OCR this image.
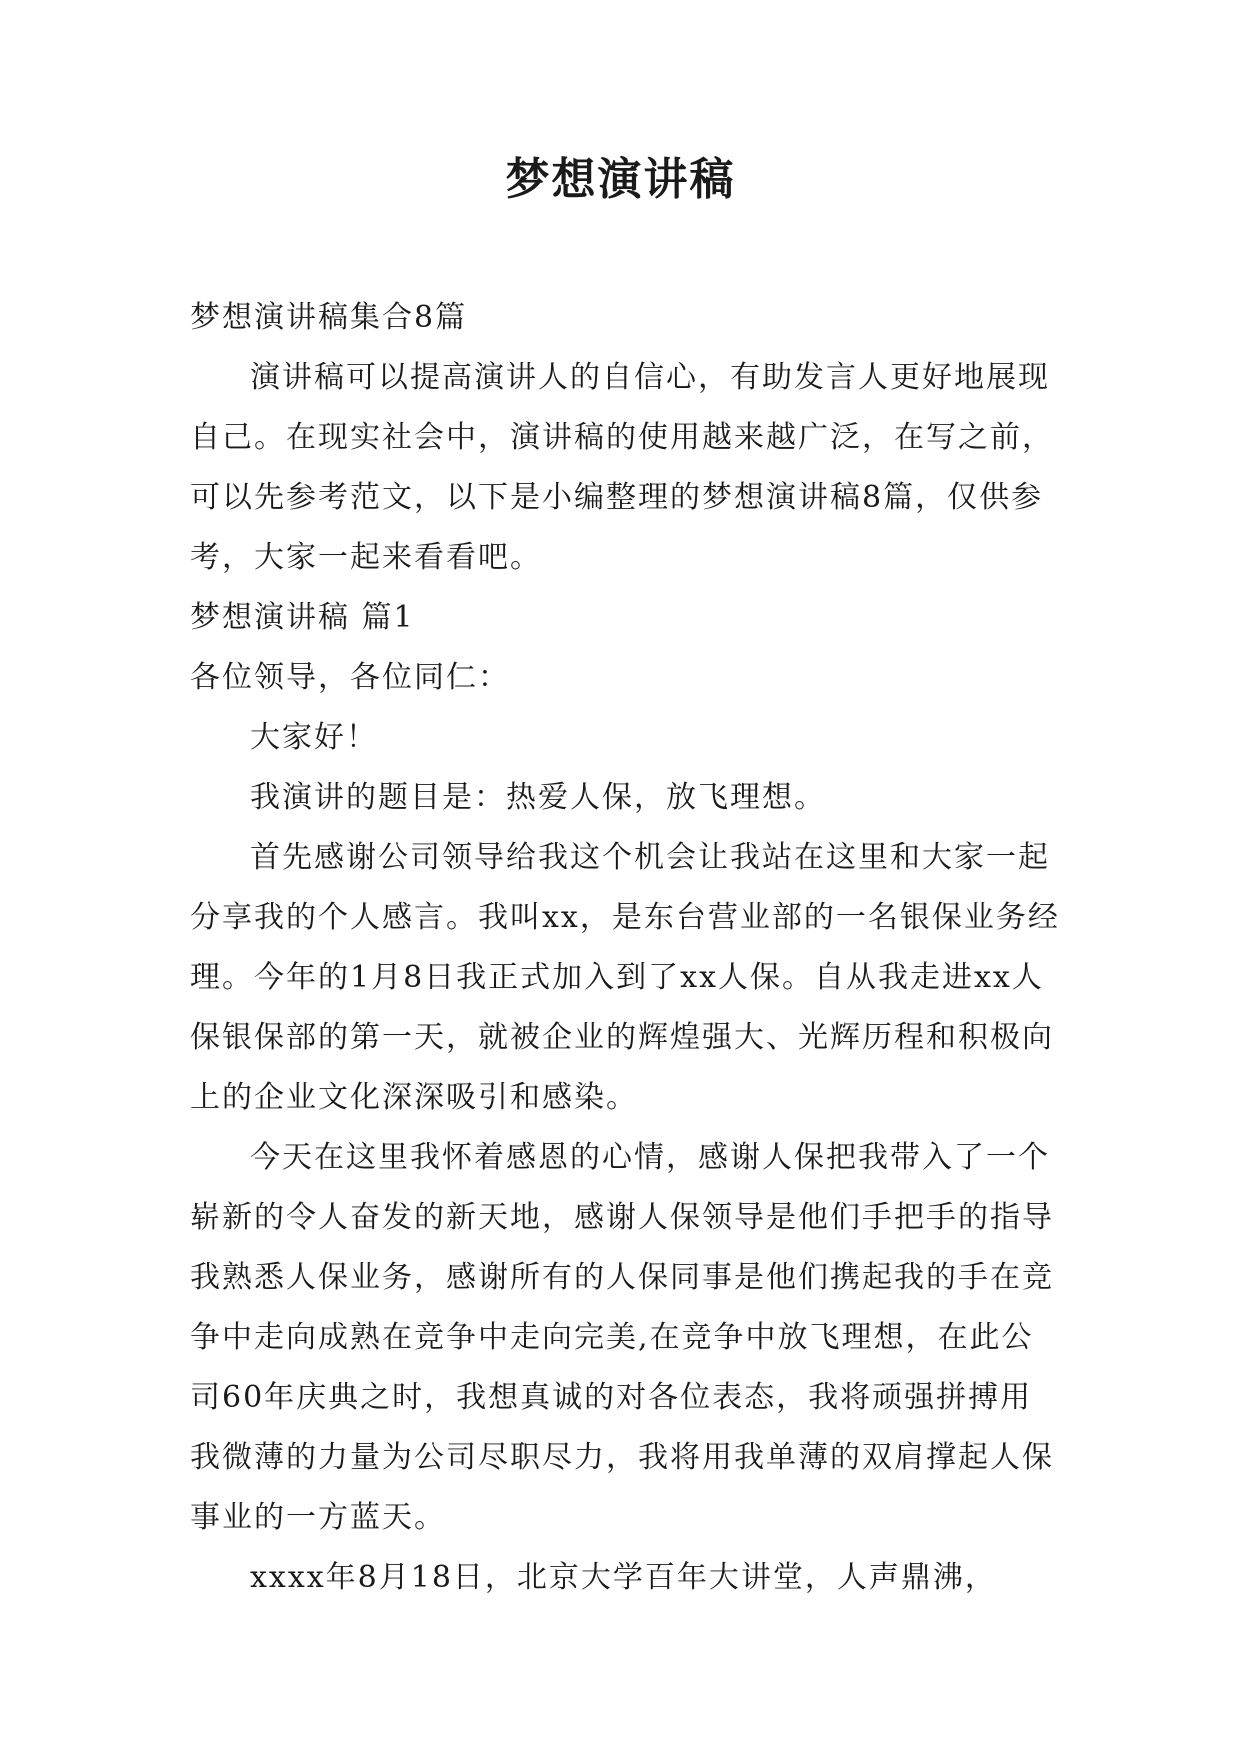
梦想演讲稿

梦想演讲稿集合8篇

演讲稿可以提高演讲人的自信心，有助发言人更好地展现自己。在现实社会中，演讲稿的使用越来越广泛，在写之前，可以先参考范文，以下是小编整理的梦想演讲稿8篇，仅供参考，大家一起来看看吧。

梦想演讲稿 篇1

各位领导，各位同仁：

大家好！

我演讲的题目是：热爱人保，放飞理想。

首先感谢公司领导给我这个机会让我站在这里和大家一起分享我的个人感言。我叫xx，是东台营业部的一名银保业务经理。今年的1月8日我正式加入到了xx人保。自从我走进xx人保银保部的第一天，就被企业的辉煌强大、光辉历程和积极向上的企业文化深深吸引和感染。

今天在这里我怀着感恩的心情，感谢人保把我带入了一个崭新的令人奋发的新天地，感谢人保领导是他们手把手的指导我熟悉人保业务，感谢所有的人保同事是他们携起我的手在竞争中走向成熟在竞争中走向完美,在竞争中放飞理想，在此公司60年庆典之时，我想真诚的对各位表态，我将顽强拼搏用我微薄的力量为公司尽职尽力，我将用我单薄的双肩撑起人保事业的一方蓝天。

xxxx年8月18日，北京大学百年大讲堂，人声鼎沸，
